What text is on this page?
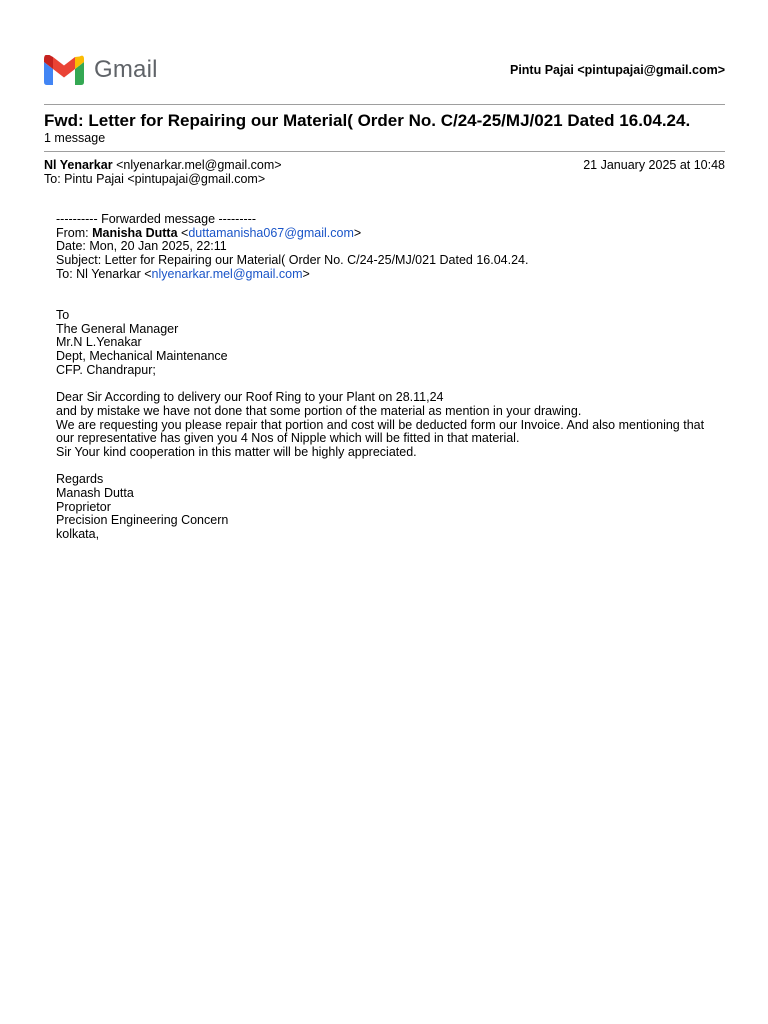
Gmail	Pintu Pajai <pintupajai@gmail.com>
Fwd: Letter for Repairing our Material( Order No. C/24-25/MJ/021 Dated 16.04.24.
1 message
Nl Yenarkar <nlyenarkar.mel@gmail.com>	21 January 2025 at 10:48
To: Pintu Pajai <pintupajai@gmail.com>
---------- Forwarded message ---------
From: Manisha Dutta <duttamanisha067@gmail.com>
Date: Mon, 20 Jan 2025, 22:11
Subject: Letter for Repairing our Material( Order No. C/24-25/MJ/021 Dated 16.04.24.
To: Nl Yenarkar <nlyenarkar.mel@gmail.com>
To
The General Manager
Mr.N L.Yenakar
Dept, Mechanical Maintenance
CFP. Chandrapur;
Dear Sir According to delivery our Roof Ring to your Plant on 28.11,24
and by mistake we have not done that some portion of the material as mention in your drawing.
We are requesting you please repair that portion and cost will be deducted form our Invoice. And also mentioning that
our representative has given you 4 Nos of Nipple which will be fitted in that material.
Sir Your kind cooperation in this matter will be highly appreciated.
Regards
Manash Dutta
Proprietor
Precision Engineering Concern
kolkata,
